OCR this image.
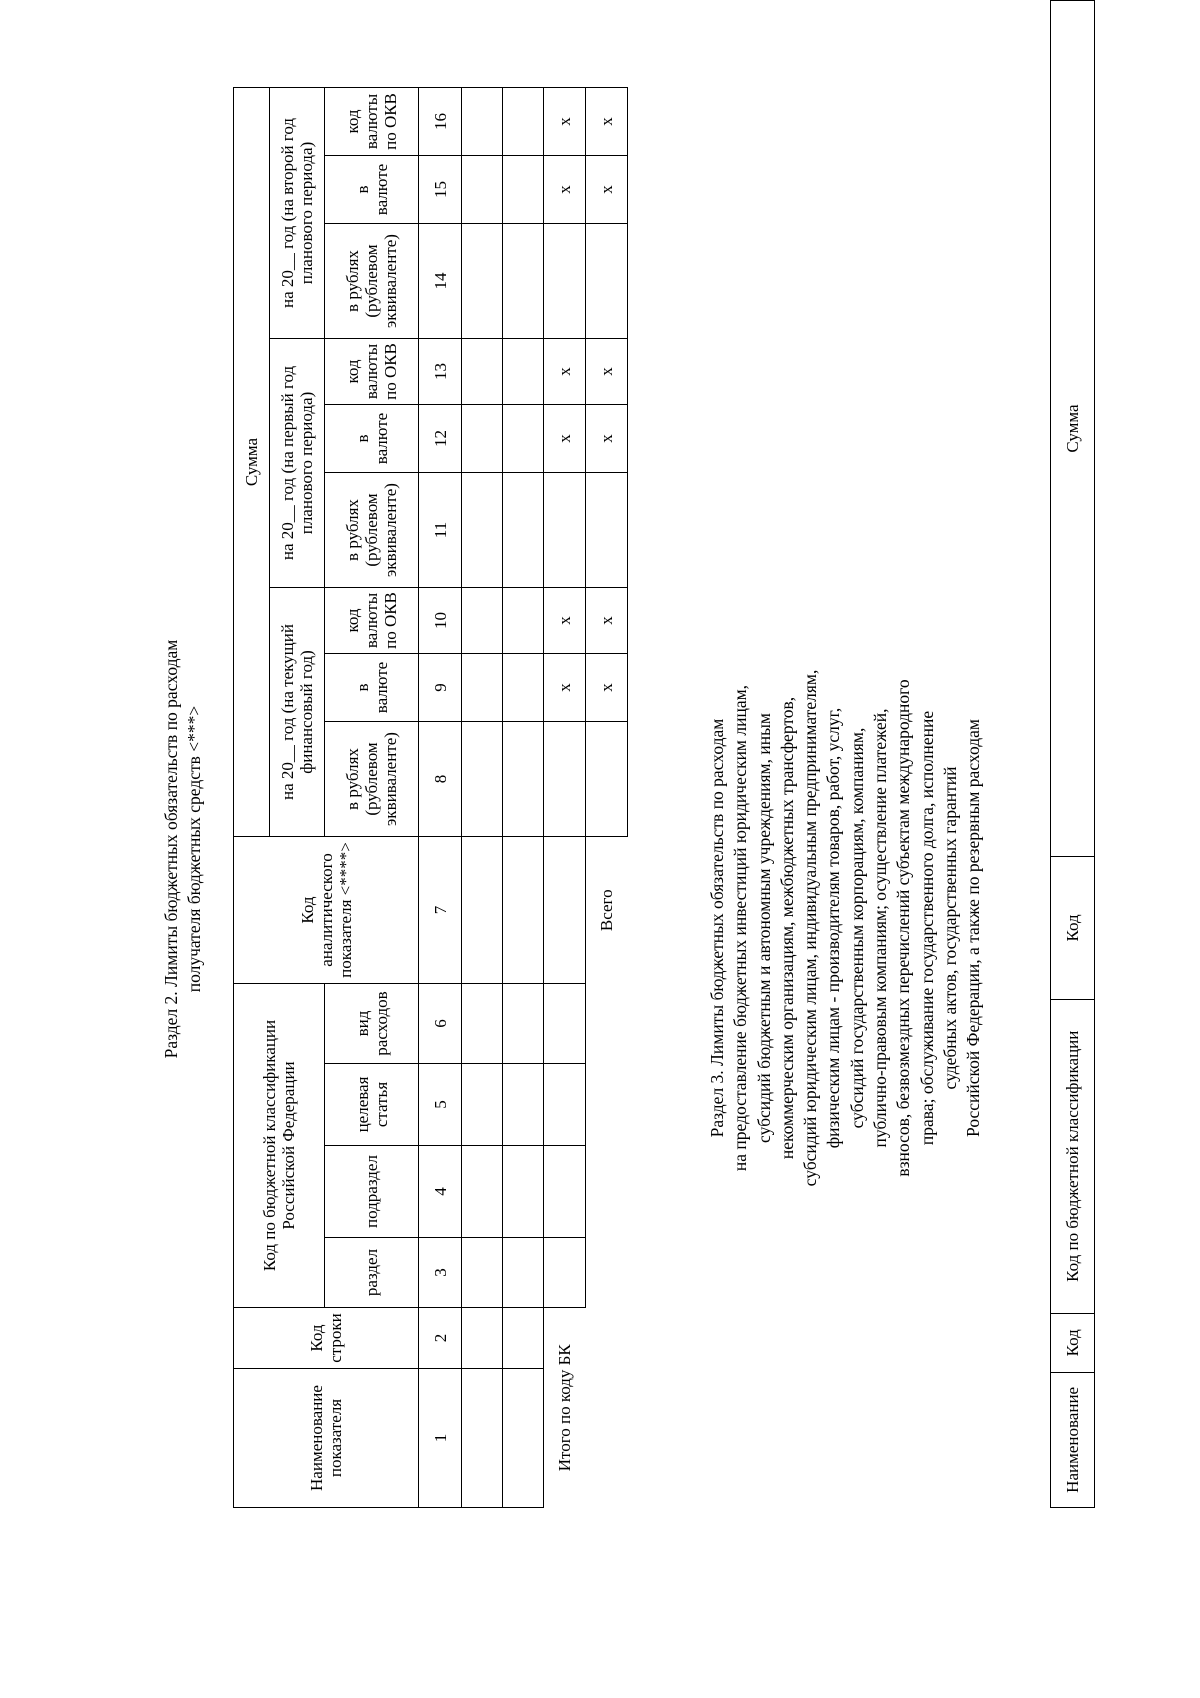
Раздел 2. Лимиты бюджетных обязательств по расходам получателя бюджетных средств <***>
Наименование показателя	Код строки	Код по бюджетной классификации Российской Федерации				Код аналитического показателя <****>	Сумма								
							на 20__ год (на текущий финансовый год)			на 20__ год (на первый год планового периода)			на 20__ год (на второй год планового периода)		
		раздел	подраздел	целевая статья	вид расходов		в рублях (рублевом эквиваленте)	в валюте	код валюты по ОКВ	в рублях (рублевом эквиваленте)	в валюте	код валюты по ОКВ	в рублях (рублевом эквиваленте)	в валюте	код валюты по ОКВ
1	2	3	4	5	6	7	8	9	10	11	12	13	14	15	16

Итого по коду БК								x	x		x	x		x	x
						Всего		x	x		x	x		x	x
Раздел 3. Лимиты бюджетных обязательств по расходам на предоставление бюджетных инвестиций юридическим лицам, субсидий бюджетным и автономным учреждениям, иным некоммерческим организациям, межбюджетных трансфертов, субсидий юридическим лицам, индивидуальным предпринимателям, физическим лицам - производителям товаров, работ, услуг, субсидий государственным корпорациям, компаниям, публично-правовым компаниям; осуществление платежей, взносов, безвозмездных перечислений субъектам международного права; обслуживание государственного долга, исполнение судебных актов, государственных гарантий Российской Федерации, а также по резервным расходам
Наименование	Код	Код по бюджетной классификации	Код	Сумма
